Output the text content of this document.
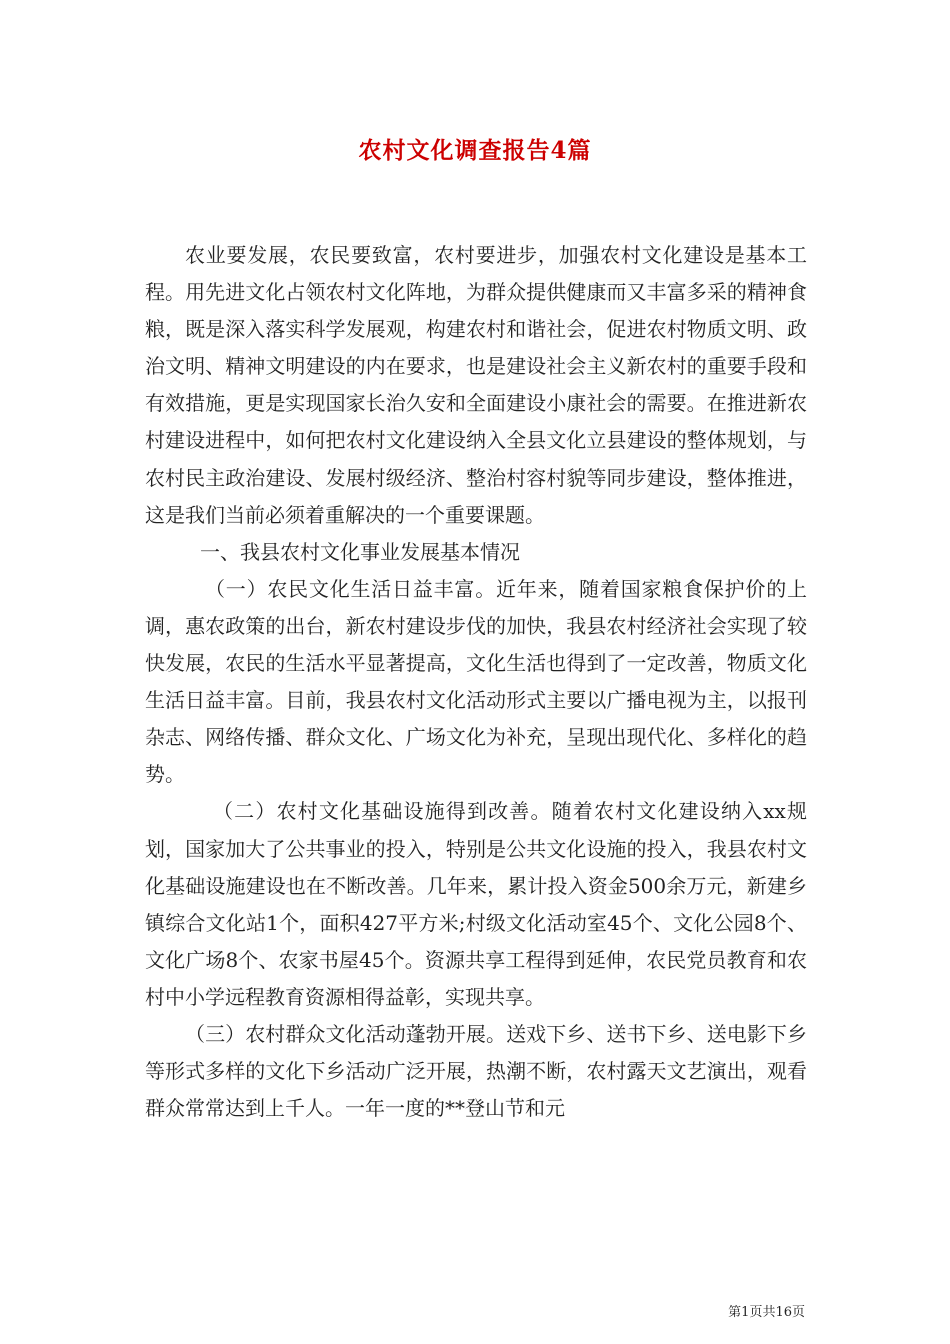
农村文化调查报告4篇

农业要发展，农民要致富，农村要进步，加强农村文化建设是基本工程。用先进文化占领农村文化阵地，为群众提供健康而又丰富多采的精神食粮，既是深入落实科学发展观，构建农村和谐社会，促进农村物质文明、政治文明、精神文明建设的内在要求，也是建设社会主义新农村的重要手段和有效措施，更是实现国家长治久安和全面建设小康社会的需要。在推进新农村建设进程中，如何把农村文化建设纳入全县文化立县建设的整体规划，与农村民主政治建设、发展村级经济、整治村容村貌等同步建设，整体推进，这是我们当前必须着重解决的一个重要课题。

一、我县农村文化事业发展基本情况

（一）农民文化生活日益丰富。近年来，随着国家粮食保护价的上调，惠农政策的出台，新农村建设步伐的加快，我县农村经济社会实现了较快发展，农民的生活水平显著提高，文化生活也得到了一定改善，物质文化生活日益丰富。目前，我县农村文化活动形式主要以广播电视为主，以报刊杂志、网络传播、群众文化、广场文化为补充，呈现出现代化、多样化的趋势。

（二）农村文化基础设施得到改善。随着农村文化建设纳入xx规划，国家加大了公共事业的投入，特别是公共文化设施的投入，我县农村文化基础设施建设也在不断改善。几年来，累计投入资金500余万元，新建乡镇综合文化站1个，面积427平方米;村级文化活动室45个、文化公园8个、文化广场8个、农家书屋45个。资源共享工程得到延伸，农民党员教育和农村中小学远程教育资源相得益彰，实现共享。

（三）农村群众文化活动蓬勃开展。送戏下乡、送书下乡、送电影下乡等形式多样的文化下乡活动广泛开展，热潮不断，农村露天文艺演出，观看群众常常达到上千人。一年一度的**登山节和元

第1页共16页
